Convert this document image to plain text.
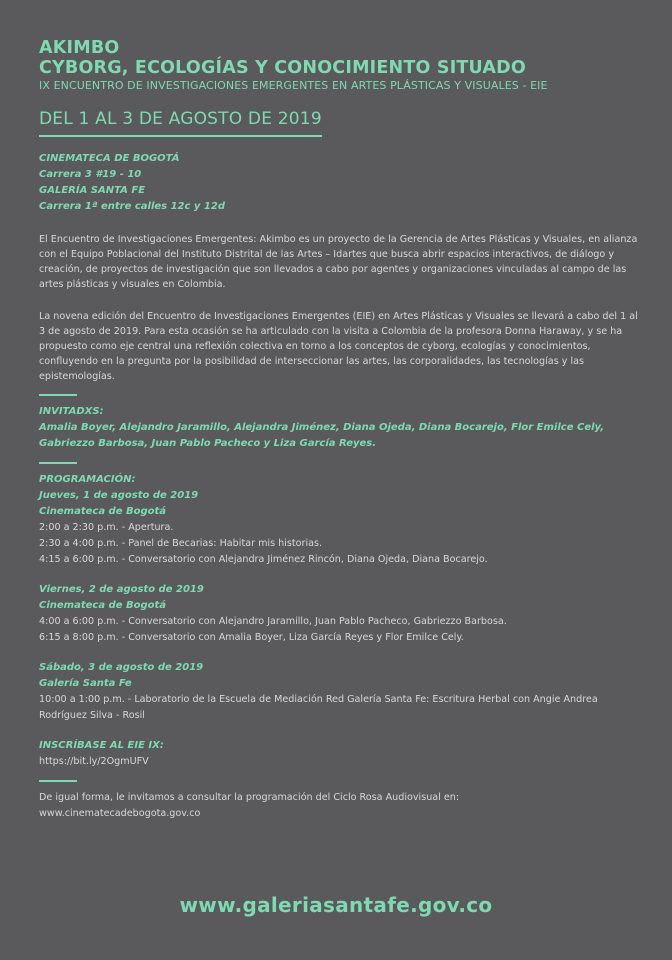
AKIMBO
CYBORG, ECOLOGÍAS Y CONOCIMIENTO SITUADO
IX ENCUENTRO DE INVESTIGACIONES EMERGENTES EN ARTES PLÁSTICAS Y VISUALES - EIE
DEL 1 AL 3 DE AGOSTO DE 2019
CINEMATECA DE BOGOTÁ
Carrera 3 #19 - 10
GALERÍA SANTA FE
Carrera 1ª entre calles 12c y 12d

El Encuentro de Investigaciones Emergentes: Akimbo es un proyecto de la Gerencia de Artes Plásticas y Visuales, en alianza con el Equipo Poblacional del Instituto Distrital de las Artes – Idartes que busca abrir espacios interactivos, de diálogo y creación, de proyectos de investigación que son llevados a cabo por agentes y organizaciones vinculadas al campo de las artes plásticas y visuales en Colombia.

La novena edición del Encuentro de Investigaciones Emergentes (EIE) en Artes Plásticas y Visuales se llevará a cabo del 1 al 3 de agosto de 2019. Para esta ocasión se ha articulado con la visita a Colombia de la profesora Donna Haraway, y se ha propuesto como eje central una reflexión colectiva en torno a los conceptos de cyborg, ecologías y conocimientos, confluyendo en la pregunta por la posibilidad de interseccionar las artes, las corporalidades, las tecnologías y las epistemologías.

INVITADXS:
Amalia Boyer, Alejandro Jaramillo, Alejandra Jiménez, Diana Ojeda, Diana Bocarejo, Flor Emilce Cely, Gabriezzo Barbosa, Juan Pablo Pacheco y Liza García Reyes.
PROGRAMACIÓN:
Jueves, 1 de agosto de 2019
Cinemateca de Bogotá
2:00 a 2:30 p.m. - Apertura.
2:30 a 4:00 p.m. - Panel de Becarias: Habitar mis historias.
4:15 a 6:00 p.m. - Conversatorio con Alejandra Jiménez Rincón, Diana Ojeda, Diana Bocarejo.
Viernes, 2 de agosto de 2019
Cinemateca de Bogotá
4:00 a 6:00 p.m. - Conversatorio con Alejandro Jaramillo, Juan Pablo Pacheco, Gabriezzo Barbosa.
6:15 a 8:00 p.m. - Conversatorio con Amalia Boyer, Liza García Reyes y Flor Emilce Cely.
Sábado, 3 de agosto de 2019
Galería Santa Fe
10:00 a 1:00 p.m. - Laboratorio de la Escuela de Mediación Red Galería Santa Fe: Escritura Herbal con Angie Andrea Rodríguez Silva - Rosil
INSCRÍBASE AL EIE IX:
https://bit.ly/2OgmUFV
De igual forma, le invitamos a consultar la programación del Ciclo Rosa Audiovisual en:
www.cinematecadebogota.gov.co
www.galeriasantafe.gov.co
